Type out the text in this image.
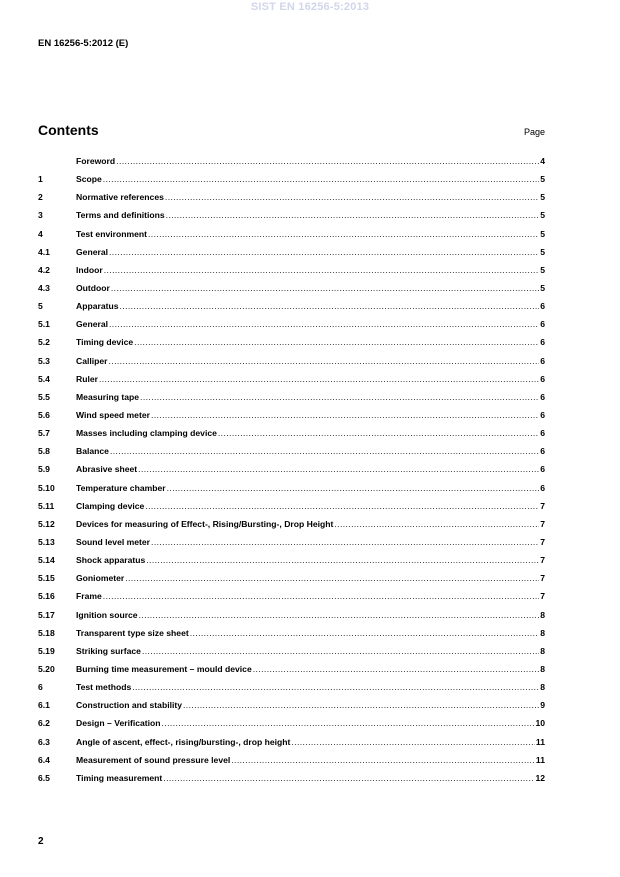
SIST EN 16256-5:2013
EN 16256-5:2012 (E)
Contents	Page
Foreword .....	4
1	Scope .....	5
2	Normative references .....	5
3	Terms and definitions .....	5
4	Test environment .....	5
4.1	General .....	5
4.2	Indoor .....	5
4.3	Outdoor .....	5
5	Apparatus .....	6
5.1	General .....	6
5.2	Timing device .....	6
5.3	Calliper .....	6
5.4	Ruler .....	6
5.5	Measuring tape .....	6
5.6	Wind speed meter .....	6
5.7	Masses including clamping device .....	6
5.8	Balance .....	6
5.9	Abrasive sheet .....	6
5.10	Temperature chamber .....	6
5.11	Clamping device .....	7
5.12	Devices for measuring of Effect-, Rising/Bursting-, Drop Height .....	7
5.13	Sound level meter .....	7
5.14	Shock apparatus .....	7
5.15	Goniometer .....	7
5.16	Frame .....	7
5.17	Ignition source .....	8
5.18	Transparent type size sheet .....	8
5.19	Striking surface .....	8
5.20	Burning time measurement – mould device .....	8
6	Test methods .....	8
6.1	Construction and stability .....	9
6.2	Design – Verification .....	10
6.3	Angle of ascent, effect-, rising/bursting-, drop height .....	11
6.4	Measurement of sound pressure level .....	11
6.5	Timing measurement .....	12
2
